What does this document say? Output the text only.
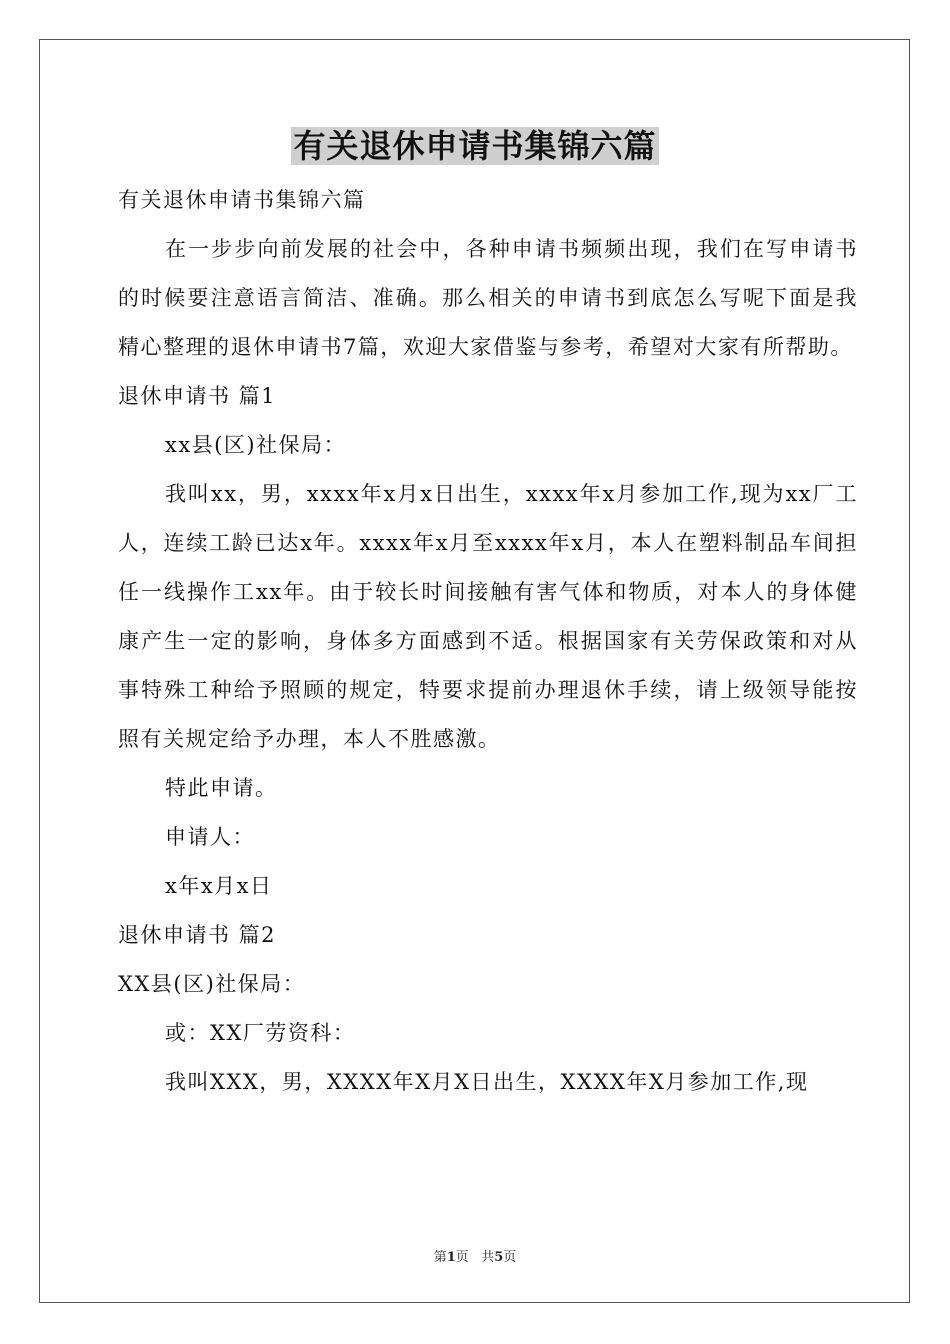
有关退休申请书集锦六篇

有关退休申请书集锦六篇

在一步步向前发展的社会中，各种申请书频频出现，我们在写申请书的时候要注意语言简洁、准确。那么相关的申请书到底怎么写呢下面是我精心整理的退休申请书7篇，欢迎大家借鉴与参考，希望对大家有所帮助。

退休申请书 篇1

xx县(区)社保局：

我叫xx，男，xxxx年x月x日出生，xxxx年x月参加工作,现为xx厂工人，连续工龄已达x年。xxxx年x月至xxxx年x月，本人在塑料制品车间担任一线操作工xx年。由于较长时间接触有害气体和物质，对本人的身体健康产生一定的影响，身体多方面感到不适。根据国家有关劳保政策和对从事特殊工种给予照顾的规定，特要求提前办理退休手续，请上级领导能按照有关规定给予办理，本人不胜感激。

特此申请。

申请人：

x年x月x日

退休申请书 篇2

XX县(区)社保局：

或：XX厂劳资科：

我叫XXX，男，XXXX年X月X日出生，XXXX年X月参加工作,现

第1页 共5页
